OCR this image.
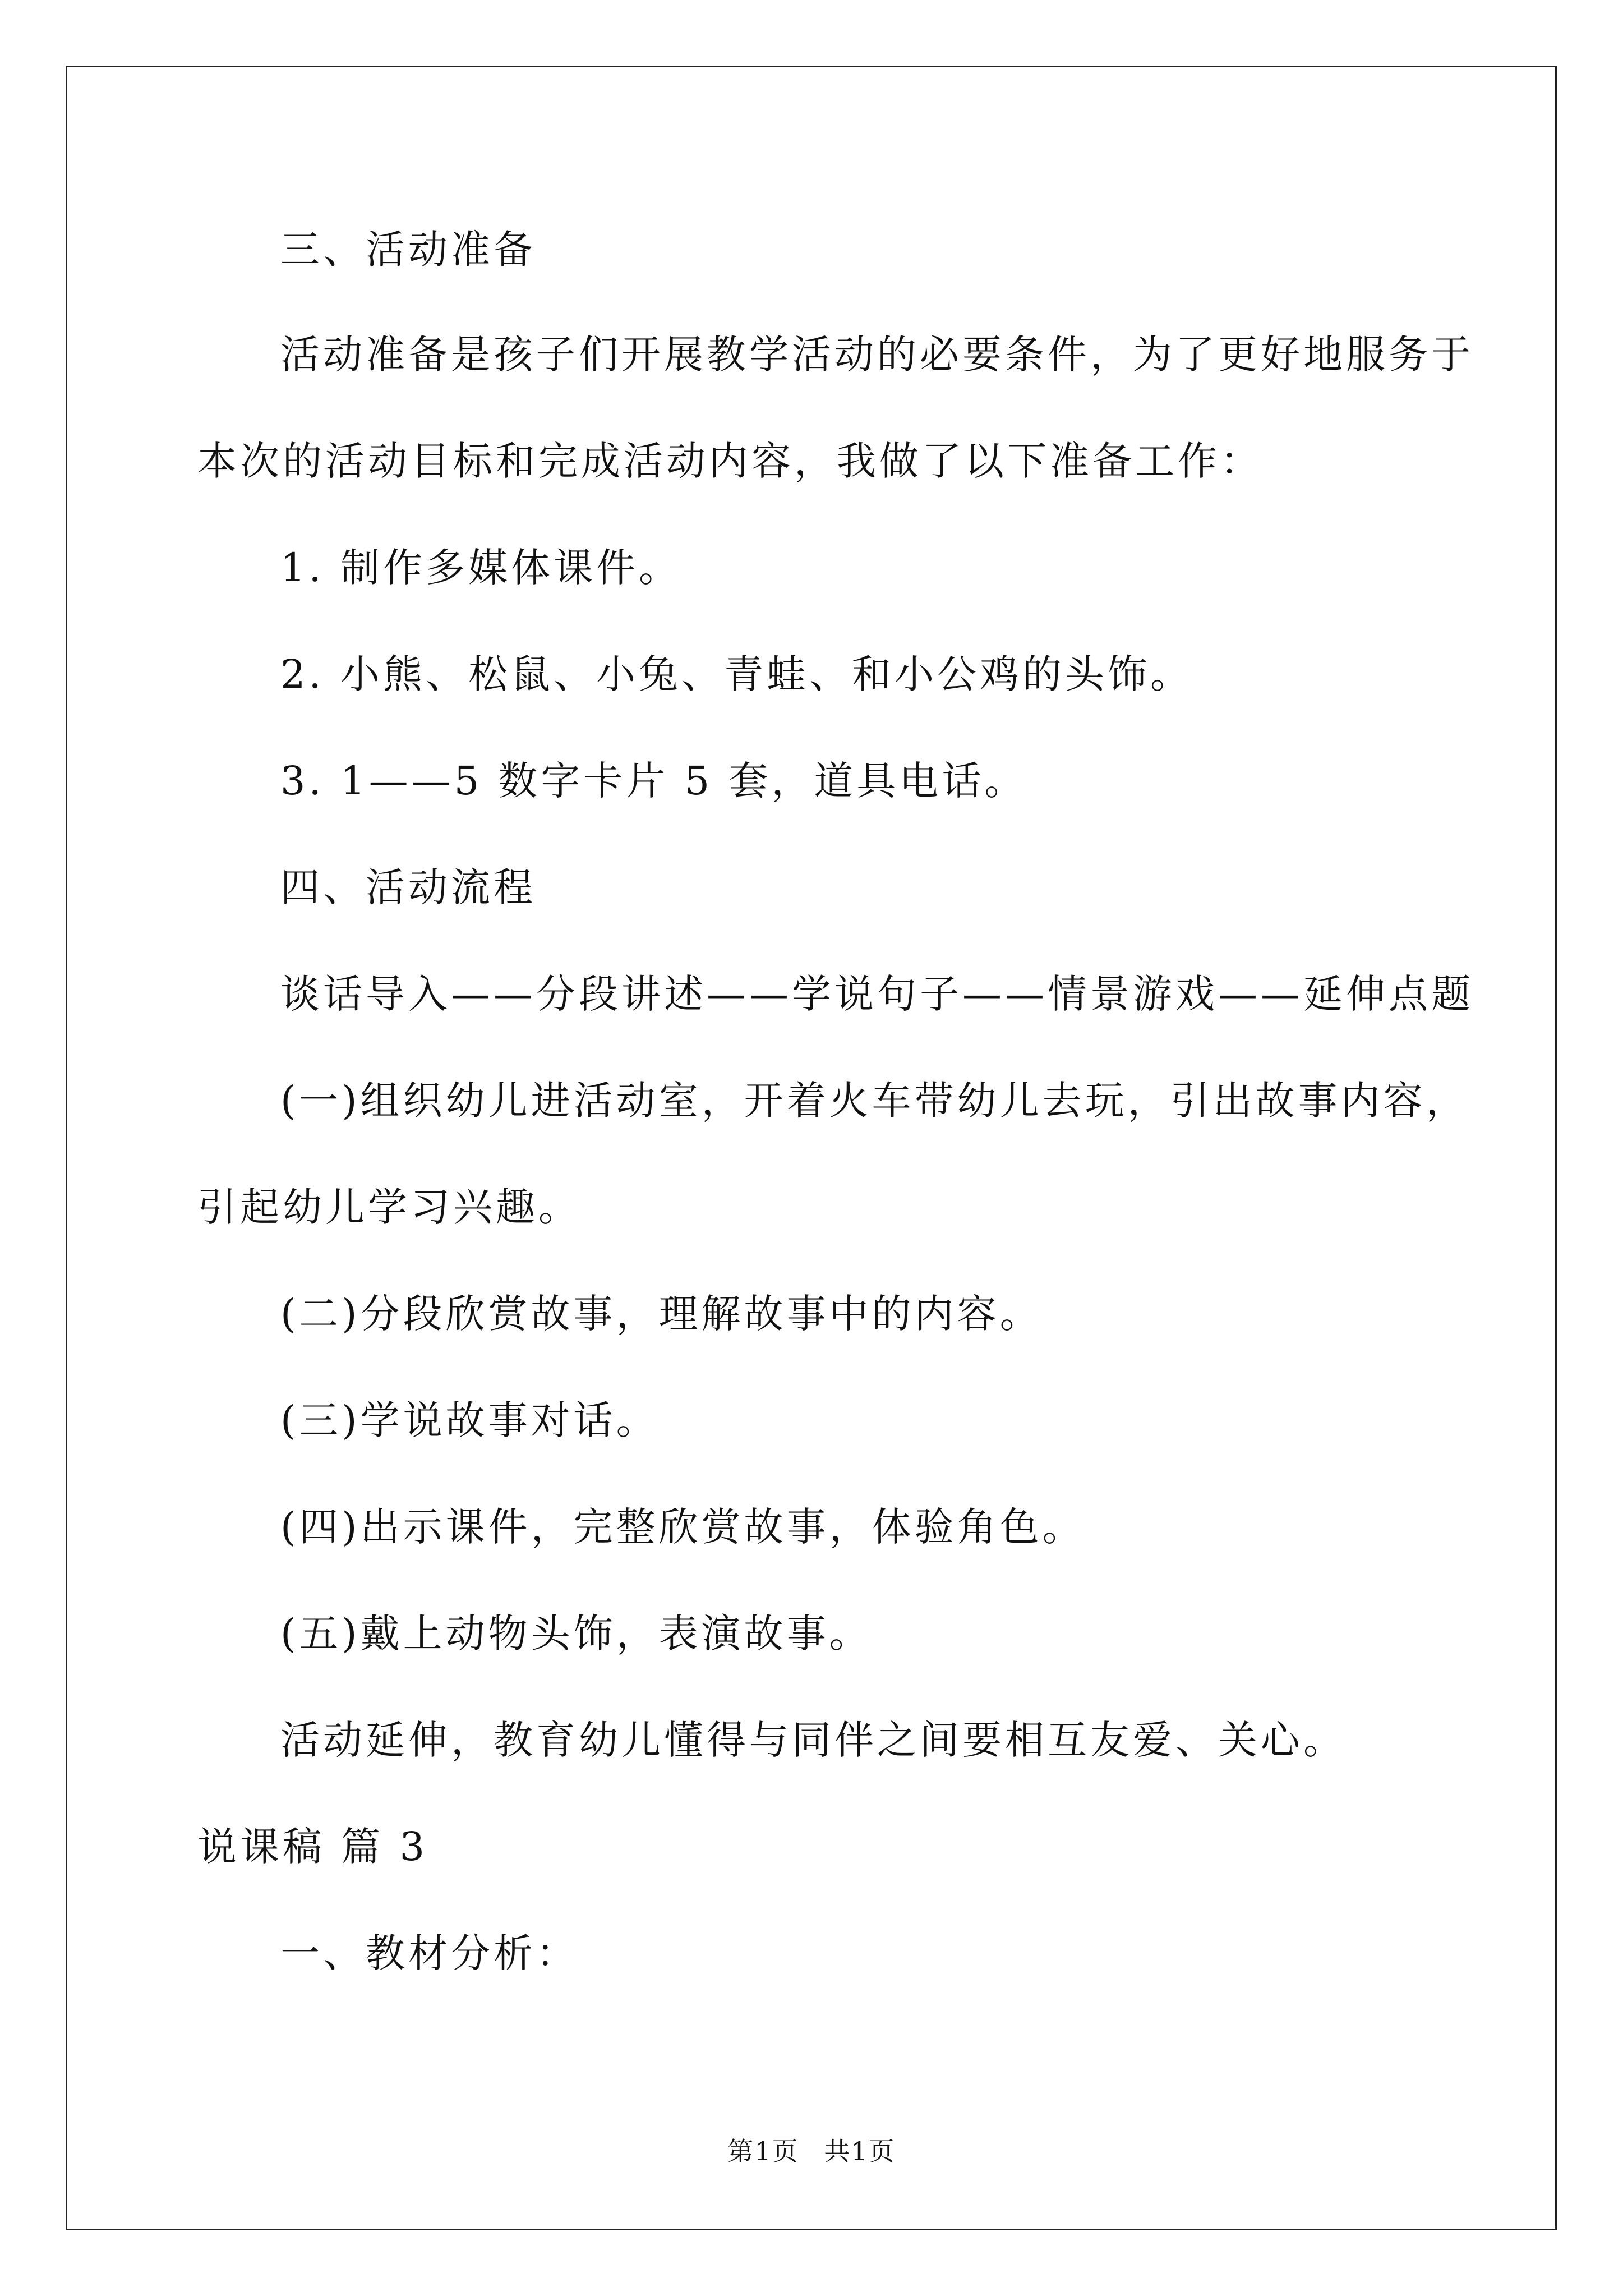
三、活动准备
活动准备是孩子们开展教学活动的必要条件，为了更好地服务于
本次的活动目标和完成活动内容，我做了以下准备工作：
1. 制作多媒体课件。
2. 小熊、松鼠、小兔、青蛙、和小公鸡的头饰。
3. 1——5 数字卡片 5 套，道具电话。
四、活动流程
谈话导入——分段讲述——学说句子——情景游戏——延伸点题
(一)组织幼儿进活动室，开着火车带幼儿去玩，引出故事内容，
引起幼儿学习兴趣。
(二)分段欣赏故事，理解故事中的内容。
(三)学说故事对话。
(四)出示课件，完整欣赏故事，体验角色。
(五)戴上动物头饰，表演故事。
活动延伸，教育幼儿懂得与同伴之间要相互友爱、关心。
说课稿 篇 3
一、教材分析：
第1页 共1页
